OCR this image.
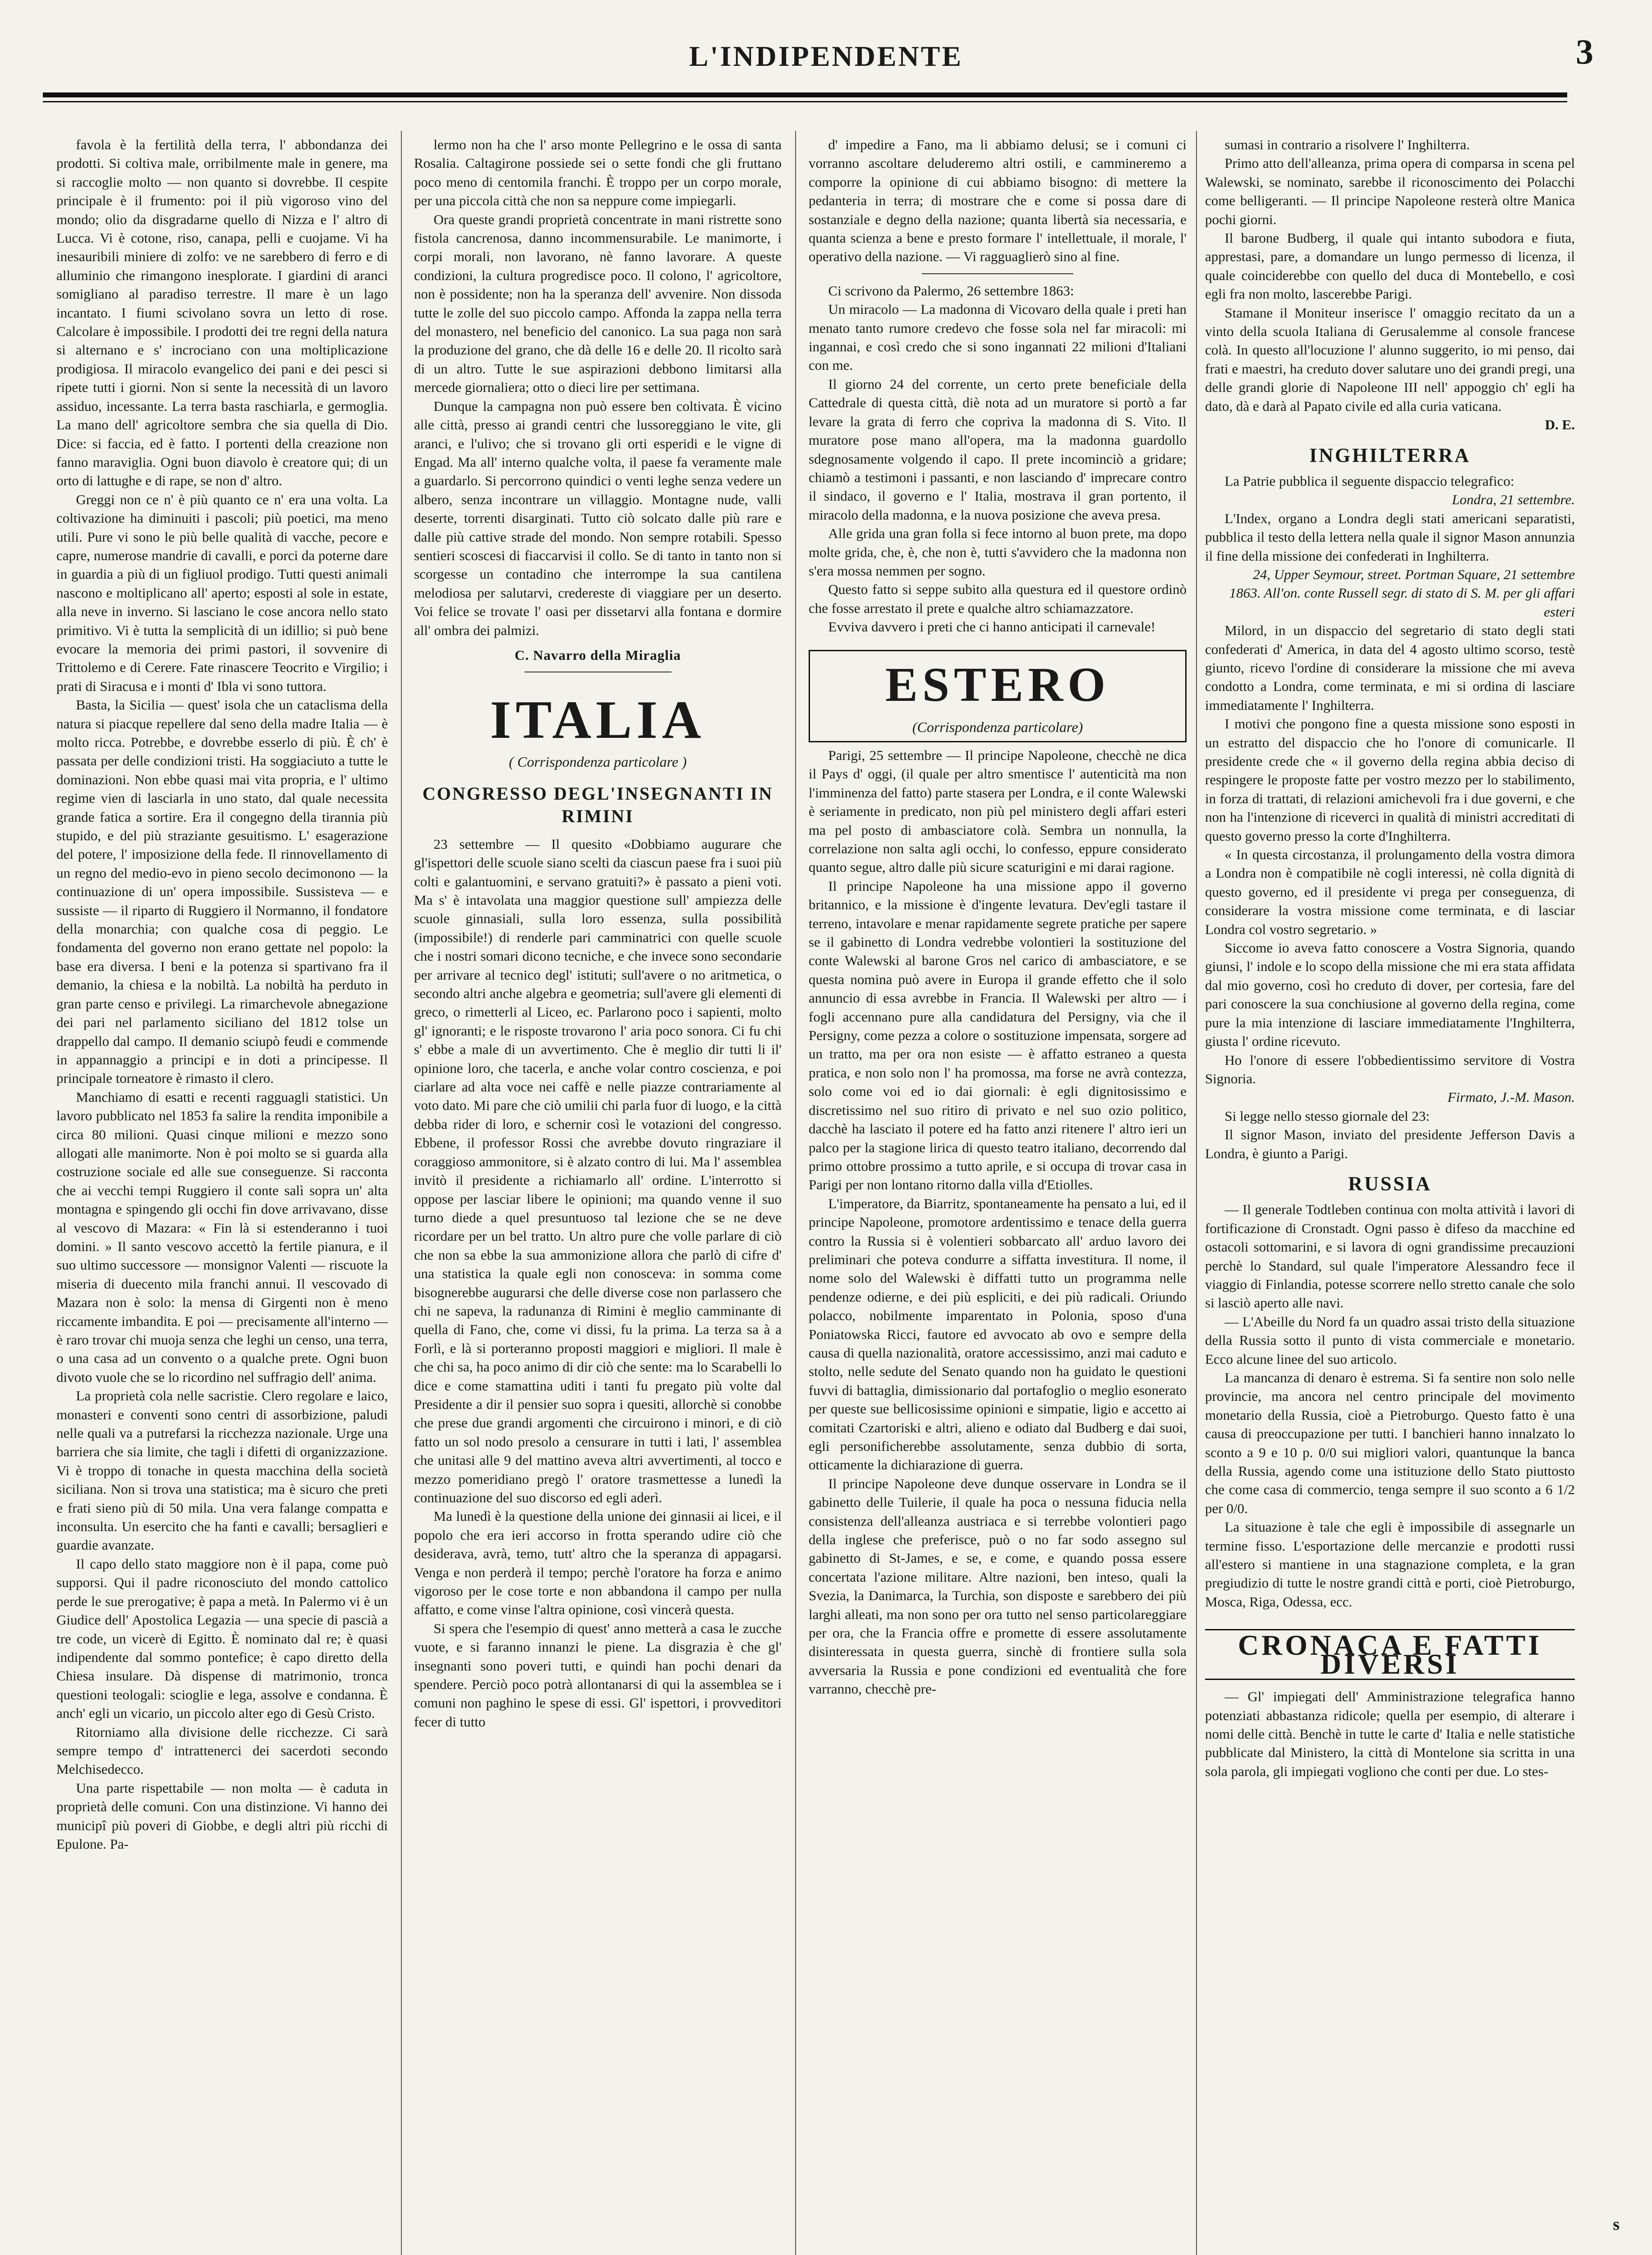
L'INDIPENDENTE	3

favola è la fertilità della terra, l' abbondanza dei prodotti. Si coltiva male, orribilmente male in genere, ma si raccoglie molto — non quanto si dovrebbe. Il cespite principale è il frumento: poi il più vigoroso vino del mondo; olio da disgradarne quello di Nizza e l' altro di Lucca. Vi è cotone, riso, canapa, pelli e cuojame. Vi ha inesauribili miniere di zolfo: ve ne sarebbero di ferro e di alluminio che rimangono inesplorate. I giardini di aranci somigliano al paradiso terrestre. Il mare è un lago incantato. I fiumi scivolano sovra un letto di rose. Calcolare è impossibile. I prodotti dei tre regni della natura si alternano e s' incrociano con una moltiplicazione prodigiosa. Il miracolo evangelico dei pani e dei pesci si ripete tutti i giorni. Non si sente la necessità di un lavoro assiduo, incessante. La terra basta raschiarla, e germoglia. La mano dell' agricoltore sembra che sia quella di Dio. Dice: si faccia, ed è fatto. I portenti della creazione non fanno maraviglia. Ogni buon diavolo è creatore qui; di un orto di lattughe e di rape, se non d' altro.

Greggi non ce n' è più quanto ce n' era una volta. La coltivazione ha diminuiti i pascoli; più poetici, ma meno utili. Pure vi sono le più belle qualità di vacche, pecore e capre, numerose mandrie di cavalli, e porci da poterne dare in guardia a più di un figliuol prodigo. Tutti questi animali nascono e moltiplicano all' aperto; esposti al sole in estate, alla neve in inverno. Si lasciano le cose ancora nello stato primitivo. Vi è tutta la semplicità di un idillio; si può bene evocare la memoria dei primi pastori, il sovvenire di Trittolemo e di Cerere. Fate rinascere Teocrito e Virgilio; i prati di Siracusa e i monti d' Ibla vi sono tuttora.

Basta, la Sicilia — quest' isola che un cataclisma della natura si piacque repellere dal seno della madre Italia — è molto ricca. Potrebbe, e dovrebbe esserlo di più. È ch' è passata per delle condizioni tristi. Ha soggiaciuto a tutte le dominazioni. Non ebbe quasi mai vita propria, e l' ultimo regime vien di lasciarla in uno stato, dal quale necessita grande fatica a sortire. Era il congegno della tirannia più stupido, e del più straziante gesuitismo. L' esagerazione del potere, l' imposizione della fede. Il rinnovellamento di un regno del medio-evo in pieno secolo decimonono — la continuazione di un' opera impossibile. Sussisteva — e sussiste — il riparto di Ruggiero il Normanno, il fondatore della monarchia; con qualche cosa di peggio. Le fondamenta del governo non erano gettate nel popolo: la base era diversa. I beni e la potenza si spartivano fra il demanio, la chiesa e la nobiltà. La nobiltà ha perduto in gran parte censo e privilegi. La rimarchevole abnegazione dei pari nel parlamento siciliano del 1812 tolse un drappello dal campo. Il demanio sciupò feudi e commende in appannaggio a principi e in doti a principesse. Il principale torneatore è rimasto il clero.

Manchiamo di esatti e recenti ragguagli statistici. Un lavoro pubblicato nel 1853 fa salire la rendita imponibile a circa 80 milioni. Quasi cinque milioni e mezzo sono allogati alle manimorte. Non è poi molto se si guarda alla costruzione sociale ed alle sue conseguenze. Si racconta che ai vecchi tempi Ruggiero il conte salì sopra un' alta montagna e spingendo gli occhi fin dove arrivavano, disse al vescovo di Mazara: « Fin là si estenderanno i tuoi domini. » Il santo vescovo accettò la fertile pianura, e il suo ultimo successore — monsignor Valenti — riscuote la miseria di duecento mila franchi annui. Il vescovado di Mazara non è solo: la mensa di Girgenti non è meno riccamente imbandita. E poi — precisamente all'interno — è raro trovar chi muoja senza che leghi un censo, una terra, o una casa ad un convento o a qualche prete. Ogni buon divoto vuole che se lo ricordino nel suffragio dell' anima.

La proprietà cola nelle sacristie. Clero regolare e laico, monasteri e conventi sono centri di assorbizione, paludi nelle quali va a putrefarsi la ricchezza nazionale. Urge una barriera che sia limite, che tagli i difetti di organizzazione. Vi è troppo di tonache in questa macchina della società siciliana. Non si trova una statistica; ma è sicuro che preti e frati sieno più di 50 mila. Una vera falange compatta e inconsulta. Un esercito che ha fanti e cavalli; bersaglieri e guardie avanzate.

Il capo dello stato maggiore non è il papa, come può supporsi. Qui il padre riconosciuto del mondo cattolico perde le sue prerogative; è papa a metà. In Palermo vi è un Giudice dell' Apostolica Legazia — una specie di pascià a tre code, un vicerè di Egitto. È nominato dal re; è quasi indipendente dal sommo pontefice; è capo diretto della Chiesa insulare. Dà dispense di matrimonio, tronca questioni teologali: scioglie e lega, assolve e condanna. È anch' egli un vicario, un piccolo alter ego di Gesù Cristo.

Ritorniamo alla divisione delle ricchezze. Ci sarà sempre tempo d' intrattenerci dei sacerdoti secondo Melchisedecco.

Una parte rispettabile — non molta — è caduta in proprietà delle comuni. Con una distinzione. Vi hanno dei municipî più poveri di Giobbe, e degli altri più ricchi di Epulone. Pa-

lermo non ha che l' arso monte Pellegrino e le ossa di santa Rosalia. Caltagirone possiede sei o sette fondi che gli fruttano poco meno di centomila franchi. È troppo per un corpo morale, per una piccola città che non sa neppure come impiegarli.

Ora queste grandi proprietà concentrate in mani ristrette sono fistola cancrenosa, danno incommensurabile. Le manimorte, i corpi morali, non lavorano, nè fanno lavorare. A queste condizioni, la cultura progredisce poco. Il colono, l' agricoltore, non è possidente; non ha la speranza dell' avvenire. Non dissoda tutte le zolle del suo piccolo campo. Affonda la zappa nella terra del monastero, nel beneficio del canonico. La sua paga non sarà la produzione del grano, che dà delle 16 e delle 20. Il ricolto sarà di un altro. Tutte le sue aspirazioni debbono limitarsi alla mercede giornaliera; otto o dieci lire per settimana.

Dunque la campagna non può essere ben coltivata. È vicino alle città, presso ai grandi centri che lussoreggiano le vite, gli aranci, e l'ulivo; che si trovano gli orti esperidi e le vigne di Engad. Ma all' interno qualche volta, il paese fa veramente male a guardarlo. Si percorrono quindici o venti leghe senza vedere un albero, senza incontrare un villaggio. Montagne nude, valli deserte, torrenti disarginati. Tutto ciò solcato dalle più rare e dalle più cattive strade del mondo. Non sempre rotabili. Spesso sentieri scoscesi di fiaccarvisi il collo. Se di tanto in tanto non si scorgesse un contadino che interrompe la sua cantilena melodiosa per salutarvi, credereste di viaggiare per un deserto. Voi felice se trovate l' oasi per dissetarvi alla fontana e dormire all' ombra dei palmizi.

C. Navarro della Miraglia
ITALIA
( Corrispondenza particolare )
CONGRESSO DEGL'INSEGNANTI IN RIMINI

23 settembre — Il quesito «Dobbiamo augurare che gl'ispettori delle scuole siano scelti da ciascun paese fra i suoi più colti e galantuomini, e servano gratuiti?» è passato a pieni voti. Ma s' è intavolata una maggior questione sull' ampiezza delle scuole ginnasiali, sulla loro essenza, sulla possibilità (impossibile!) di renderle pari camminatrici con quelle scuole che i nostri somari dicono tecniche, e che invece sono secondarie per arrivare al tecnico degl' istituti; sull'avere o no aritmetica, o secondo altri anche algebra e geometria; sull'avere gli elementi di greco, o rimetterli al Liceo, ec. Parlarono poco i sapienti, molto gl' ignoranti; e le risposte trovarono l' aria poco sonora. Ci fu chi s' ebbe a male di un avvertimento. Che è meglio dir tutti li il' opinione loro, che tacerla, e anche volar contro coscienza, e poi ciarlare ad alta voce nei caffè e nelle piazze contrariamente al voto dato. Mi pare che ciò umilii chi parla fuor di luogo, e la città debba rider di loro, e schernir così le votazioni del congresso. Ebbene, il professor Rossi che avrebbe dovuto ringraziare il coraggioso ammonitore, si è alzato contro di lui. Ma l' assemblea invitò il presidente a richiamarlo all' ordine. L'interrotto si oppose per lasciar libere le opinioni; ma quando venne il suo turno diede a quel presuntuoso tal lezione che se ne deve ricordare per un bel tratto. Un altro pure che volle parlare di ciò che non sa ebbe la sua ammonizione allora che parlò di cifre d' una statistica la quale egli non conosceva: in somma come bisognerebbe augurarsi che delle diverse cose non parlassero che chi ne sapeva, la radunanza di Rimini è meglio camminante di quella di Fano, che, come vi dissi, fu la prima. La terza sa à a Forlì, e là si porteranno proposti maggiori e migliori. Il male è che chi sa, ha poco animo di dir ciò che sente: ma lo Scarabelli lo dice e come stamattina uditi i tanti fu pregato più volte dal Presidente a dir il pensier suo sopra i quesiti, allorchè si conobbe che prese due grandi argomenti che circuirono i minori, e di ciò fatto un sol nodo presolo a censurare in tutti i lati, l' assemblea che unitasi alle 9 del mattino aveva altri avvertimenti, al tocco e mezzo pomeridiano pregò l' oratore trasmettesse a lunedì la continuazione del suo discorso ed egli aderì.

Ma lunedì è la questione della unione dei ginnasii ai licei, e il popolo che era ieri accorso in frotta sperando udire ciò che desiderava, avrà, temo, tutt' altro che la speranza di appagarsi. Venga e non perderà il tempo; perchè l'oratore ha forza e animo vigoroso per le cose torte e non abbandona il campo per nulla affatto, e come vinse l'altra opinione, così vincerà questa.

Si spera che l'esempio di quest' anno metterà a casa le zucche vuote, e si faranno innanzi le piene. La disgrazia è che gl' insegnanti sono poveri tutti, e quindi han pochi denari da spendere. Perciò poco potrà allontanarsi di qui la assemblea se i comuni non paghino le spese di essi. Gl' ispettori, i provveditori fecer di tutto

d' impedire a Fano, ma li abbiamo delusi; se i comuni ci vorranno ascoltare deluderemo altri ostili, e cammineremo a comporre la opinione di cui abbiamo bisogno: di mettere la pedanteria in terra; di mostrare che e come si possa dare di sostanziale e degno della nazione; quanta libertà sia necessaria, e quanta scienza a bene e presto formare l' intellettuale, il morale, l' operativo della nazione. — Vi ragguaglierò sino al fine.

Ci scrivono da Palermo, 26 settembre 1863:

Un miracolo — La madonna di Vicovaro della quale i preti han menato tanto rumore credevo che fosse sola nel far miracoli: mi ingannai, e così credo che si sono ingannati 22 milioni d'Italiani con me.

Il giorno 24 del corrente, un certo prete beneficiale della Cattedrale di questa città, diè nota ad un muratore si portò a far levare la grata di ferro che copriva la madonna di S. Vito. Il muratore pose mano all'opera, ma la madonna guardollo sdegnosamente volgendo il capo. Il prete incominciò a gridare; chiamò a testimoni i passanti, e non lasciando d' imprecare contro il sindaco, il governo e l' Italia, mostrava il gran portento, il miracolo della madonna, e la nuova posizione che aveva presa.

Alle grida una gran folla si fece intorno al buon prete, ma dopo molte grida, che, è, che non è, tutti s'avvidero che la madonna non s'era mossa nemmen per sogno.

Questo fatto si seppe subito alla questura ed il questore ordinò che fosse arrestato il prete e qualche altro schiamazzatore.

Evviva davvero i preti che ci hanno anticipati il carnevale!

ESTERO
(Corrispondenza particolare)

Parigi, 25 settembre — Il principe Napoleone, checchè ne dica il Pays d' oggi, (il quale per altro smentisce l' autenticità ma non l'imminenza del fatto) parte stasera per Londra, e il conte Walewski è seriamente in predicato, non più pel ministero degli affari esteri ma pel posto di ambasciatore colà. Sembra un nonnulla, la correlazione non salta agli occhi, lo confesso, eppure considerato quanto segue, altro dalle più sicure scaturigini e mi darai ragione.

Il principe Napoleone ha una missione appo il governo britannico, e la missione è d'ingente levatura. Dev'egli tastare il terreno, intavolare e menar rapidamente segrete pratiche per sapere se il gabinetto di Londra vedrebbe volontieri la sostituzione del conte Walewski al barone Gros nel carico di ambasciatore, e se questa nomina può avere in Europa il grande effetto che il solo annuncio di essa avrebbe in Francia. Il Walewski per altro — i fogli accennano pure alla candidatura del Persigny, via che il Persigny, come pezza a colore o sostituzione impensata, sorgere ad un tratto, ma per ora non esiste — è affatto estraneo a questa pratica, e non solo non l' ha promossa, ma forse ne avrà contezza, solo come voi ed io dai giornali: è egli dignitosissimo e discretissimo nel suo ritiro di privato e nel suo ozio politico, dacchè ha lasciato il potere ed ha fatto anzi ritenere l' altro ieri un palco per la stagione lirica di questo teatro italiano, decorrendo dal primo ottobre prossimo a tutto aprile, e si occupa di trovar casa in Parigi per non lontano ritorno dalla villa d'Etiolles.

L'imperatore, da Biarritz, spontaneamente ha pensato a lui, ed il principe Napoleone, promotore ardentissimo e tenace della guerra contro la Russia si è volentieri sobbarcato all' arduo lavoro dei preliminari che poteva condurre a siffatta investitura. Il nome, il nome solo del Walewski è diffatti tutto un programma nelle pendenze odierne, e dei più espliciti, e dei più radicali. Oriundo polacco, nobilmente imparentato in Polonia, sposo d'una Poniatowska Ricci, fautore ed avvocato ab ovo e sempre della causa di quella nazionalità, oratore accessissimo, anzi mai caduto e stolto, nelle sedute del Senato quando non ha guidato le questioni fuvvi di battaglia, dimissionario dal portafoglio o meglio esonerato per queste sue bellicosissime opinioni e simpatie, ligio e accetto ai comitati Czartoriski e altri, alieno e odiato dal Budberg e dai suoi, egli personificherebbe assolutamente, senza dubbio di sorta, otticamente la dichiarazione di guerra.

Il principe Napoleone deve dunque osservare in Londra se il gabinetto delle Tuilerie, il quale ha poca o nessuna fiducia nella consistenza dell'alleanza austriaca e si terrebbe volontieri pago della inglese che preferisce, può o no far sodo assegno sul gabinetto di St-James, e se, e come, e quando possa essere concertata l'azione militare. Altre nazioni, ben inteso, quali la Svezia, la Danimarca, la Turchia, son disposte e sarebbero dei più larghi alleati, ma non sono per ora tutto nel senso particolareggiare per ora, che la Francia offre e promette di essere assolutamente disinteressata in questa guerra, sinchè di frontiere sulla sola avversaria la Russia e pone condizioni ed eventualità che fore varranno, checchè pre-

sumasi in contrario a risolvere l' Inghilterra.

Primo atto dell'alleanza, prima opera di comparsa in scena pel Walewski, se nominato, sarebbe il riconoscimento dei Polacchi come belligeranti. — Il principe Napoleone resterà oltre Manica pochi giorni.

Il barone Budberg, il quale qui intanto subodora e fiuta, apprestasi, pare, a domandare un lungo permesso di licenza, il quale coinciderebbe con quello del duca di Montebello, e così egli fra non molto, lascerebbe Parigi.

Stamane il Moniteur inserisce l' omaggio recitato da un a vinto della scuola Italiana di Gerusalemme al console francese colà. In questo all'locuzione l' alunno suggerito, io mi penso, dai frati e maestri, ha creduto dover salutare uno dei grandi pregi, una delle grandi glorie di Napoleone III nell' appoggio ch' egli ha dato, dà e darà al Papato civile ed alla curia vaticana.

D. E.
INGHILTERRA

La Patrie pubblica il seguente dispaccio telegrafico:

Londra, 21 settembre.

L'Index, organo a Londra degli stati americani separatisti, pubblica il testo della lettera nella quale il signor Mason annunzia il fine della missione dei confederati in Inghilterra.

24, Upper Seymour, street. Portman Square, 21 settembre 1863. All'on. conte Russell segr. di stato di S. M. per gli affari esteri

Milord, in un dispaccio del segretario di stato degli stati confederati d' America, in data del 4 agosto ultimo scorso, testè giunto, ricevo l'ordine di considerare la missione che mi aveva condotto a Londra, come terminata, e mi si ordina di lasciare immediatamente l' Inghilterra.

I motivi che pongono fine a questa missione sono esposti in un estratto del dispaccio che ho l'onore di comunicarle. Il presidente crede che « il governo della regina abbia deciso di respingere le proposte fatte per vostro mezzo per lo stabilimento, in forza di trattati, di relazioni amichevoli fra i due governi, e che non ha l'intenzione di riceverci in qualità di ministri accreditati di questo governo presso la corte d'Inghilterra.

« In questa circostanza, il prolungamento della vostra dimora a Londra non è compatibile nè cogli interessi, nè colla dignità di questo governo, ed il presidente vi prega per conseguenza, di considerare la vostra missione come terminata, e di lasciar Londra col vostro segretario. »

Siccome io aveva fatto conoscere a Vostra Signoria, quando giunsi, l' indole e lo scopo della missione che mi era stata affidata dal mio governo, così ho creduto di dover, per cortesia, fare del pari conoscere la sua conchiusione al governo della regina, come pure la mia intenzione di lasciare immediatamente l'Inghilterra, giusta l' ordine ricevuto.

Ho l'onore di essere l'obbedientissimo servitore di Vostra Signoria.

Firmato, J.-M. Mason.

Si legge nello stesso giornale del 23:

Il signor Mason, inviato del presidente Jefferson Davis a Londra, è giunto a Parigi.

RUSSIA

— Il generale Todtleben continua con molta attività i lavori di fortificazione di Cronstadt. Ogni passo è difeso da macchine ed ostacoli sottomarini, e si lavora di ogni grandissime precauzioni perchè lo Standard, sul quale l'imperatore Alessandro fece il viaggio di Finlandia, potesse scorrere nello stretto canale che solo si lasciò aperto alle navi.

— L'Abeille du Nord fa un quadro assai tristo della situazione della Russia sotto il punto di vista commerciale e monetario. Ecco alcune linee del suo articolo.

La mancanza di denaro è estrema. Si fa sentire non solo nelle provincie, ma ancora nel centro principale del movimento monetario della Russia, cioè a Pietroburgo. Questo fatto è una causa di preoccupazione per tutti. I banchieri hanno innalzato lo sconto a 9 e 10 p. 0/0 sui migliori valori, quantunque la banca della Russia, agendo come una istituzione dello Stato piuttosto che come casa di commercio, tenga sempre il suo sconto a 6 1/2 per 0/0.

La situazione è tale che egli è impossibile di assegnarle un termine fisso. L'esportazione delle mercanzie e prodotti russi all'estero si mantiene in una stagnazione completa, e la gran pregiudizio di tutte le nostre grandi città e porti, cioè Pietroburgo, Mosca, Riga, Odessa, ecc.

CRONACA E FATTI DIVERSI

— Gl' impiegati dell' Amministrazione telegrafica hanno potenziati abbastanza ridicole; quella per esempio, di alterare i nomi delle città. Benchè in tutte le carte d' Italia e nelle statistiche pubblicate dal Ministero, la città di Montelone sia scritta in una sola parola, gli impiegati vogliono che conti per due. Lo stes-

s
